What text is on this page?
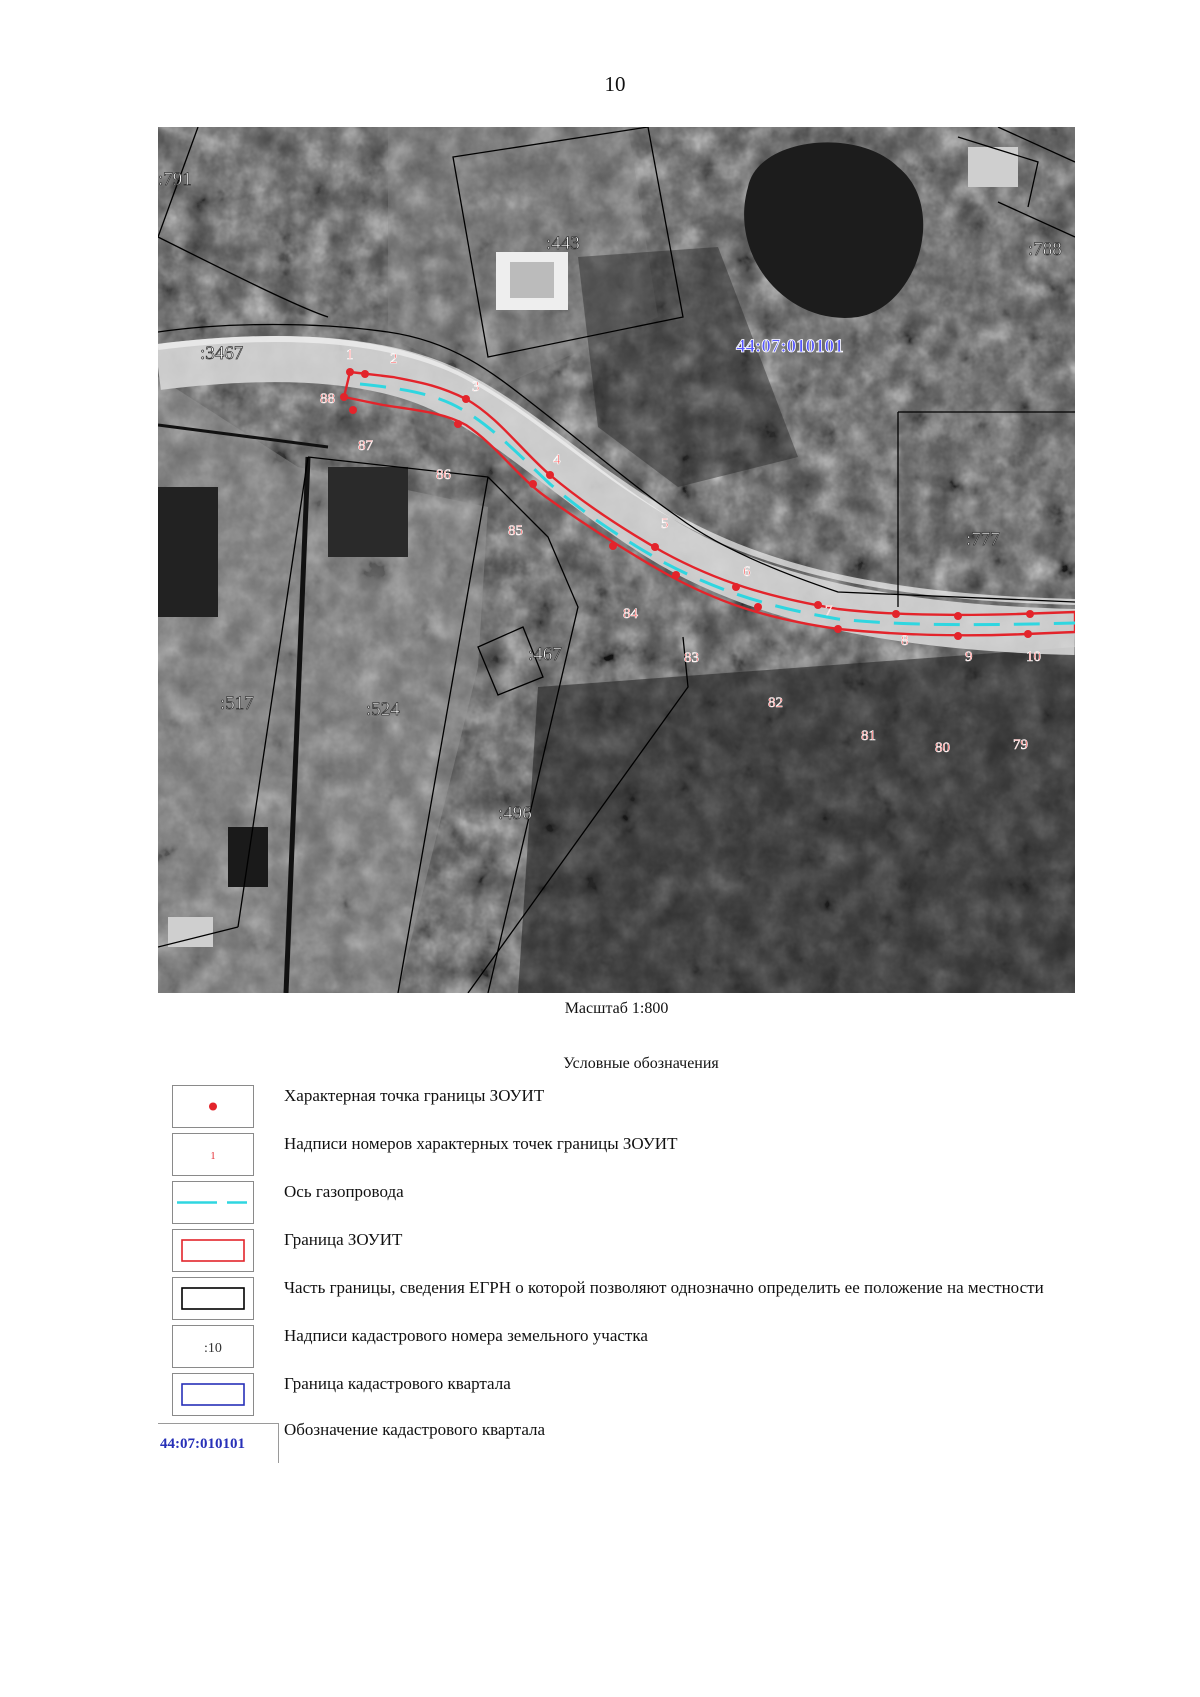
10
1 2
3
4
5
6
7
8
9	10
88
87
86
85
84
83
82
81
80	79
:791
:443	:788
:3467
:777
:467
:517	:524
:496
44:07:010101
Масштаб 1:800
Условные обозначения
Характерная точка границы ЗОУИТ
1
Надписи номеров характерных точек границы ЗОУИТ
Ось газопровода
Граница ЗОУИТ
Часть границы, сведения ЕГРН о которой позволяют однозначно определить ее положение на местности
:10
Надписи кадастрового номера земельного участка
Граница кадастрового квартала
44:07:010101
Обозначение кадастрового квартала
